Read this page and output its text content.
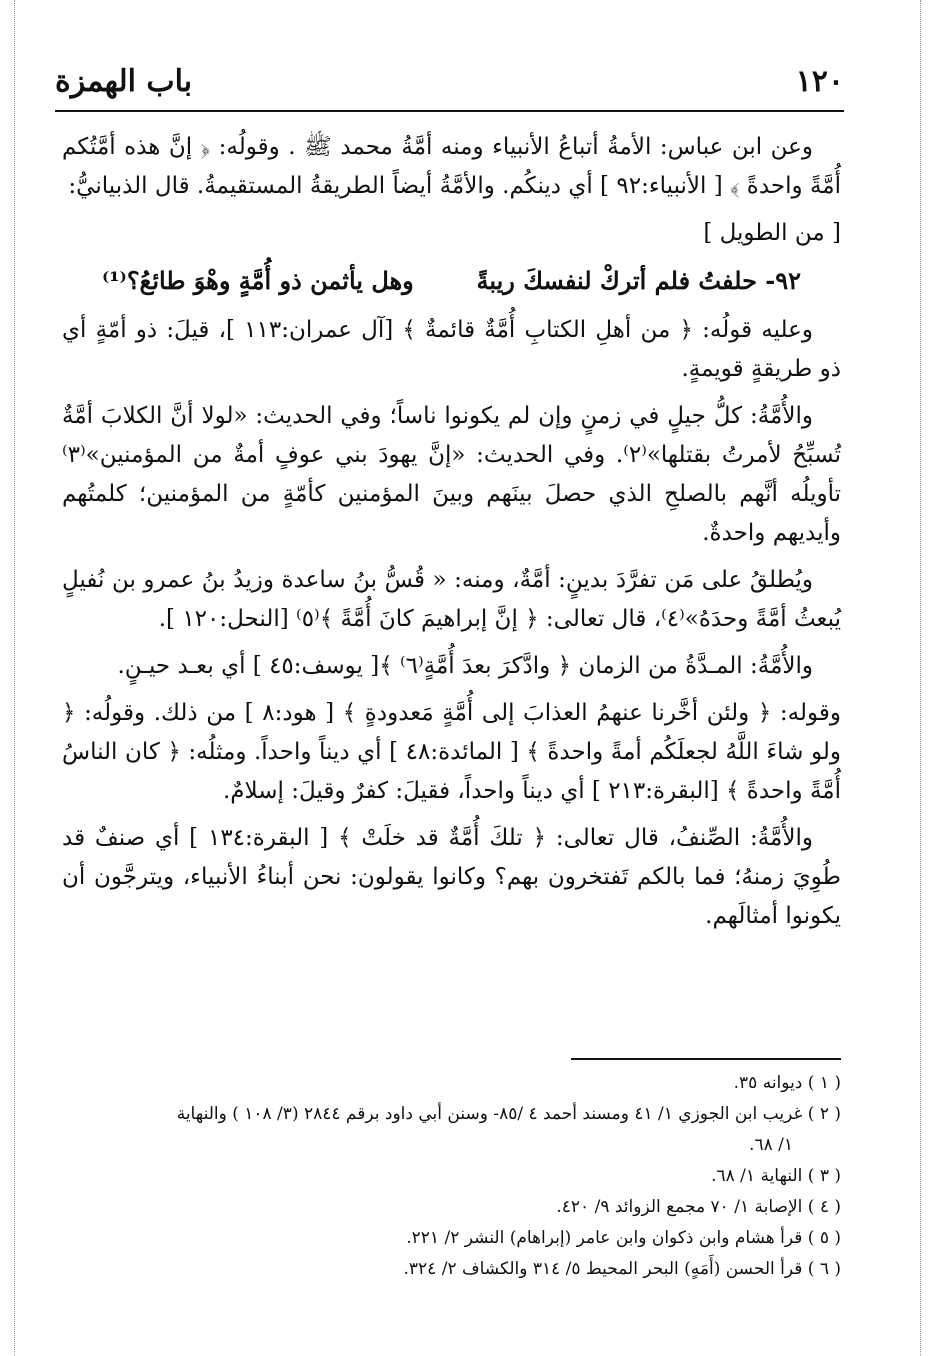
١٢٠
باب الهمزة

وعن ابن عباس: الأمةُ أتباعُ الأنبياء ومنه أمَّةُ محمد ﷺ . وقولُه: ﴿ إنَّ هذه أمَّتُكم أُمَّةً واحدةً ﴾ [ الأنبياء:٩٢ ] أي دينكُم. والأمَّةُ أيضاً الطريقةُ المستقيمةُ. قال الذبيانيُّ:

[ من الطويل ]

٩٢- حلفتُ فلم أتركْ لنفسكَ ريبةً
وهل يأثمن ذو أُمَّةٍ وهْوَ طائعُ؟⁽¹⁾

وعليه قولُه: ﴿ من أهلِ الكتابِ أُمَّةٌ قائمةٌ ﴾ [آل عمران:١١٣ ]، قيلَ: ذو أمّةٍ أي ذو طريقةٍ قويمةٍ.

والأُمَّةُ: كلُّ جيلٍ في زمنٍ وإن لم يكونوا ناساً؛ وفي الحديث: «لولا أنَّ الكلابَ أمَّةٌ تُسبِّحُ لأمرتُ بقتلها»⁽٢⁾. وفي الحديث: «إنَّ يهودَ بني عوفٍ أمةٌ من المؤمنين»⁽٣⁾ تأويلُه أنَّهم بالصلحِ الذي حصلَ بينَهم وبينَ المؤمنين كأمّةٍ من المؤمنين؛ كلمتُهم وأيديهم واحدةٌ.

ويُطلقُ على مَن تفرَّدَ بدينٍ: أمَّةٌ، ومنه: « قُسُّ بنُ ساعدة وزيدُ بنُ عمرو بن نُفيلٍ يُبعثُ أمَّةً وحدَهُ»⁽٤⁾، قال تعالى: ﴿ إنَّ إبراهيمَ كانَ أُمَّةً ﴾⁽٥⁾ [النحل:١٢٠ ].

والأُمَّةُ: المـدَّةُ من الزمان ﴿ وادَّكرَ بعدَ أُمَّةٍ⁽٦⁾ ﴾[ يوسف:٤٥ ] أي بعـد حيـنٍ.

وقوله: ﴿ ولئن أخَّرنا عنهمُ العذابَ إلى أُمَّةٍ مَعدودةٍ ﴾ [ هود:٨ ] من ذلك. وقولُه: ﴿ ولو شاءَ اللَّهُ لجعلَكُم أمةً واحدةً ﴾ [ المائدة:٤٨ ] أي ديناً واحداً. ومثلُه: ﴿ كان الناسُ أُمَّةً واحدةً ﴾ [البقرة:٢١٣ ] أي ديناً واحداً، فقيلَ: كفرٌ وقيلَ: إسلامٌ.

والأُمَّةُ: الصِّنفُ، قال تعالى: ﴿ تلكَ أُمَّةٌ قد خلَتْ ﴾ [ البقرة:١٣٤ ] أي صنفٌ قد طُوِيَ زمنهُ؛ فما بالكم تَفتخرون بهم؟ وكانوا يقولون: نحن أبناءُ الأنبياء، ويترجَّون أن يكونوا أمثالَهم.

( ١ ) ديوانه ٣٥.

( ٢ ) غريب ابن الجوزي ١/ ٤١ ومسند أحمد ٤ /٨٥- وسنن أبي داود برقم ٢٨٤٤ (٣/ ١٠٨ ) والنهاية

١/ ٦٨.

( ٣ ) النهاية ١/ ٦٨.

( ٤ ) الإصابة ١/ ٧٠ مجمع الزوائد ٩/ ٤٢٠.

( ٥ ) قرأ هشام وابن ذكوان وابن عامر (إبراهام) النشر ٢/ ٢٢١.

( ٦ ) قرأ الحسن (أَمَهٍ) البحر المحيط ٥/ ٣١٤ والكشاف ٢/ ٣٢٤.
